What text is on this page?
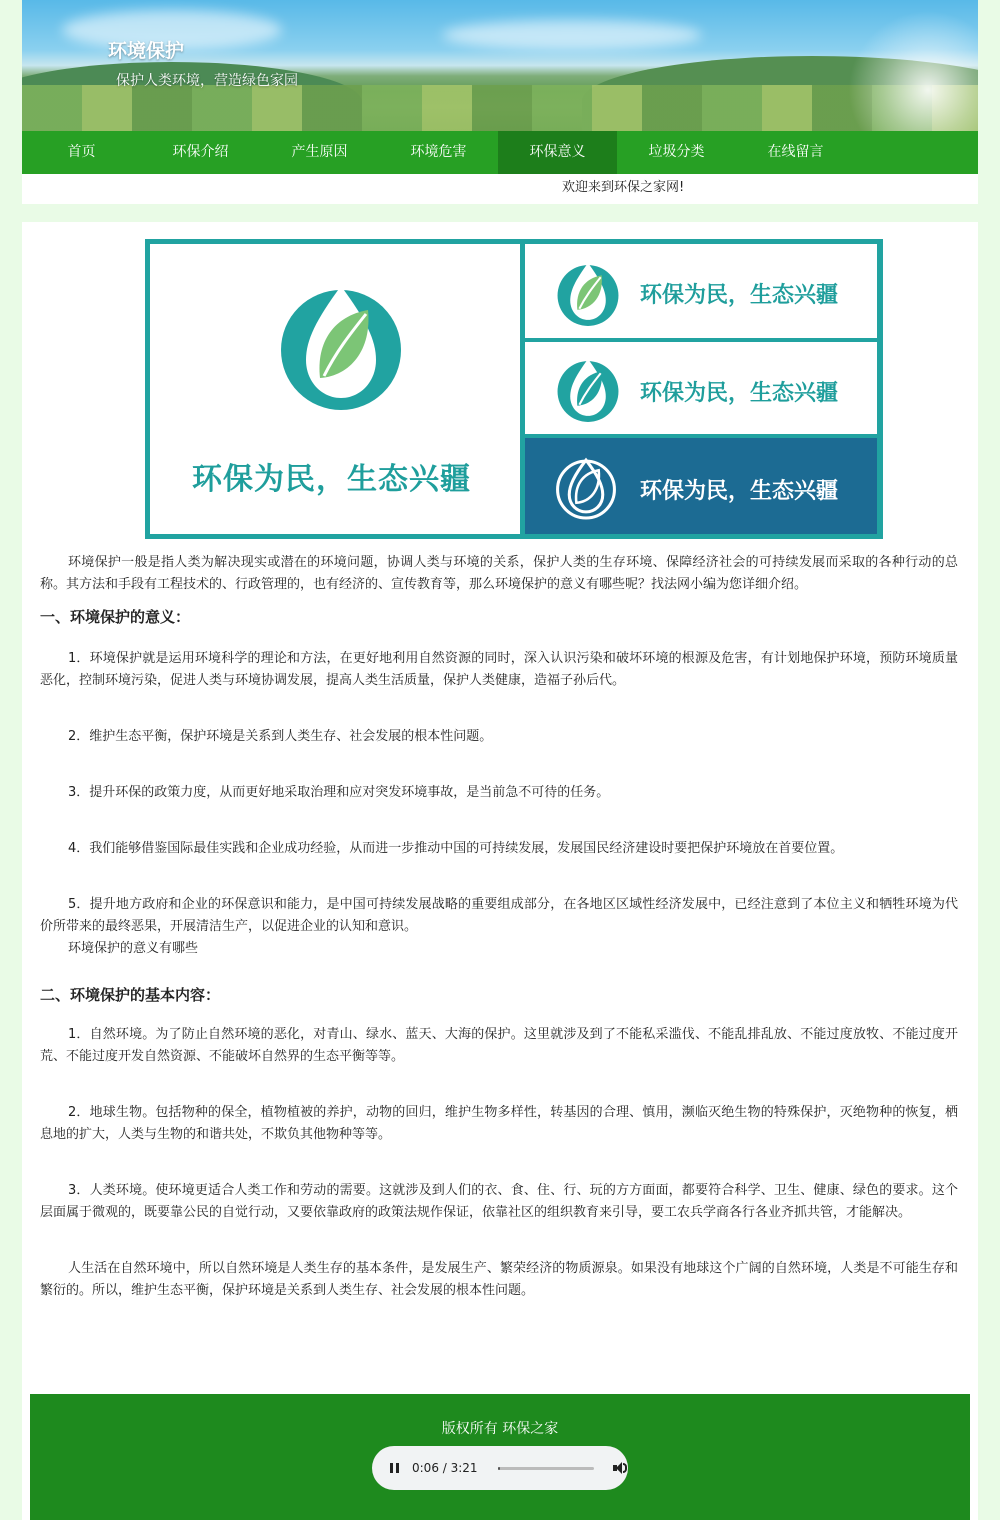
环境保护
保护人类环境，营造绿色家园
首页	环保介绍	产生原因	环境危害	环保意义	垃圾分类	在线留言
欢迎来到环保之家网!
环保为民，生态兴疆
环保为民，生态兴疆
环保为民，生态兴疆
环保为民，生态兴疆

环境保护一般是指人类为解决现实或潜在的环境问题，协调人类与环境的关系，保护人类的生存环境、保障经济社会的可持续发展而采取的各种行动的总称。其方法和手段有工程技术的、行政管理的，也有经济的、宣传教育等，那么环境保护的意义有哪些呢？找法网小编为您详细介绍。

一、环境保护的意义：

1．环境保护就是运用环境科学的理论和方法，在更好地利用自然资源的同时，深入认识污染和破坏环境的根源及危害，有计划地保护环境，预防环境质量恶化，控制环境污染，促进人类与环境协调发展，提高人类生活质量，保护人类健康，造福子孙后代。

2．维护生态平衡，保护环境是关系到人类生存、社会发展的根本性问题。

3．提升环保的政策力度，从而更好地采取治理和应对突发环境事故，是当前急不可待的任务。

4．我们能够借鉴国际最佳实践和企业成功经验，从而进一步推动中国的可持续发展，发展国民经济建设时要把保护环境放在首要位置。

5．提升地方政府和企业的环保意识和能力，是中国可持续发展战略的重要组成部分，在各地区区域性经济发展中，已经注意到了本位主义和牺牲环境为代价所带来的最终恶果，开展清洁生产，以促进企业的认知和意识。

环境保护的意义有哪些

二、环境保护的基本内容：

1．自然环境。为了防止自然环境的恶化，对青山、绿水、蓝天、大海的保护。这里就涉及到了不能私采滥伐、不能乱排乱放、不能过度放牧、不能过度开荒、不能过度开发自然资源、不能破坏自然界的生态平衡等等。

2．地球生物。包括物种的保全，植物植被的养护，动物的回归，维护生物多样性，转基因的合理、慎用，濒临灭绝生物的特殊保护，灭绝物种的恢复，栖息地的扩大，人类与生物的和谐共处，不欺负其他物种等等。

3．人类环境。使环境更适合人类工作和劳动的需要。这就涉及到人们的衣、食、住、行、玩的方方面面，都要符合科学、卫生、健康、绿色的要求。这个层面属于微观的，既要靠公民的自觉行动，又要依靠政府的政策法规作保证，依靠社区的组织教育来引导，要工农兵学商各行各业齐抓共管，才能解决。

人生活在自然环境中，所以自然环境是人类生存的基本条件，是发展生产、繁荣经济的物质源泉。如果没有地球这个广阔的自然环境，人类是不可能生存和繁衍的。所以，维护生态平衡，保护环境是关系到人类生存、社会发展的根本性问题。

版权所有 环保之家
0:06 / 3:21
